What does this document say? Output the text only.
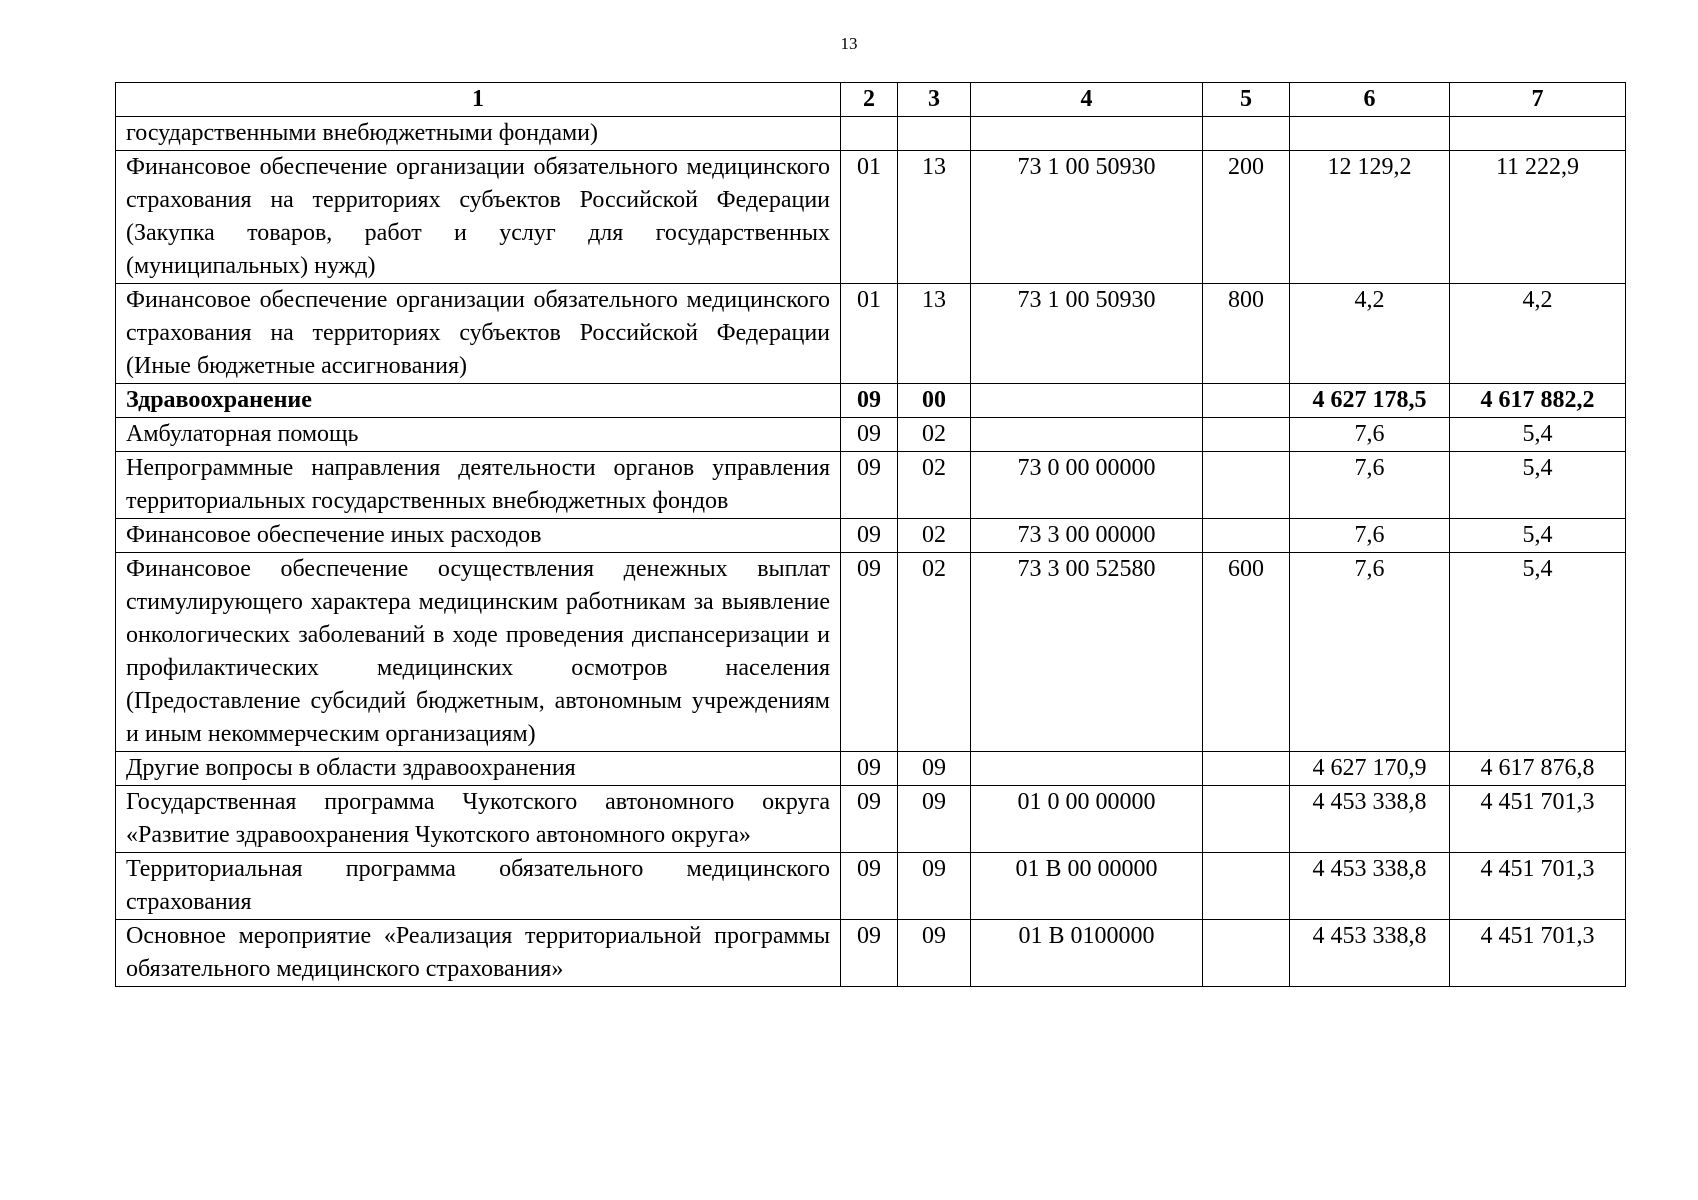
13
1	2	3	4	5	6	7
государственными внебюджетными фондами)						
Финансовое обеспечение организации обязательного медицинского страхования на территориях субъектов Российской Федерации (Закупка товаров, работ и услуг для государственных (муниципальных) нужд)	01	13	73 1 00 50930	200	12 129,2	11 222,9
Финансовое обеспечение организации обязательного медицинского страхования на территориях субъектов Российской Федерации (Иные бюджетные ассигнования)	01	13	73 1 00 50930	800	4,2	4,2
Здравоохранение	09	00			4 627 178,5	4 617 882,2
Амбулаторная помощь	09	02			7,6	5,4
Непрограммные направления деятельности органов управления территориальных государственных внебюджетных фондов	09	02	73 0 00 00000		7,6	5,4
Финансовое обеспечение иных расходов	09	02	73 3 00 00000		7,6	5,4
Финансовое обеспечение осуществления денежных выплат стимулирующего характера медицинским работникам за выявление онкологических заболеваний в ходе проведения диспансеризации и профилактических медицинских осмотров населения (Предоставление субсидий бюджетным, автономным учреждениям и иным некоммерческим организациям)	09	02	73 3 00 52580	600	7,6	5,4
Другие вопросы в области здравоохранения	09	09			4 627 170,9	4 617 876,8
Государственная программа Чукотского автономного округа «Развитие здравоохранения Чукотского автономного округа»	09	09	01 0 00 00000		4 453 338,8	4 451 701,3
Территориальная программа обязательного медицинского страхования	09	09	01 В 00 00000		4 453 338,8	4 451 701,3
Основное мероприятие «Реализация территориальной программы обязательного медицинского страхования»	09	09	01 В 0100000		4 453 338,8	4 451 701,3
